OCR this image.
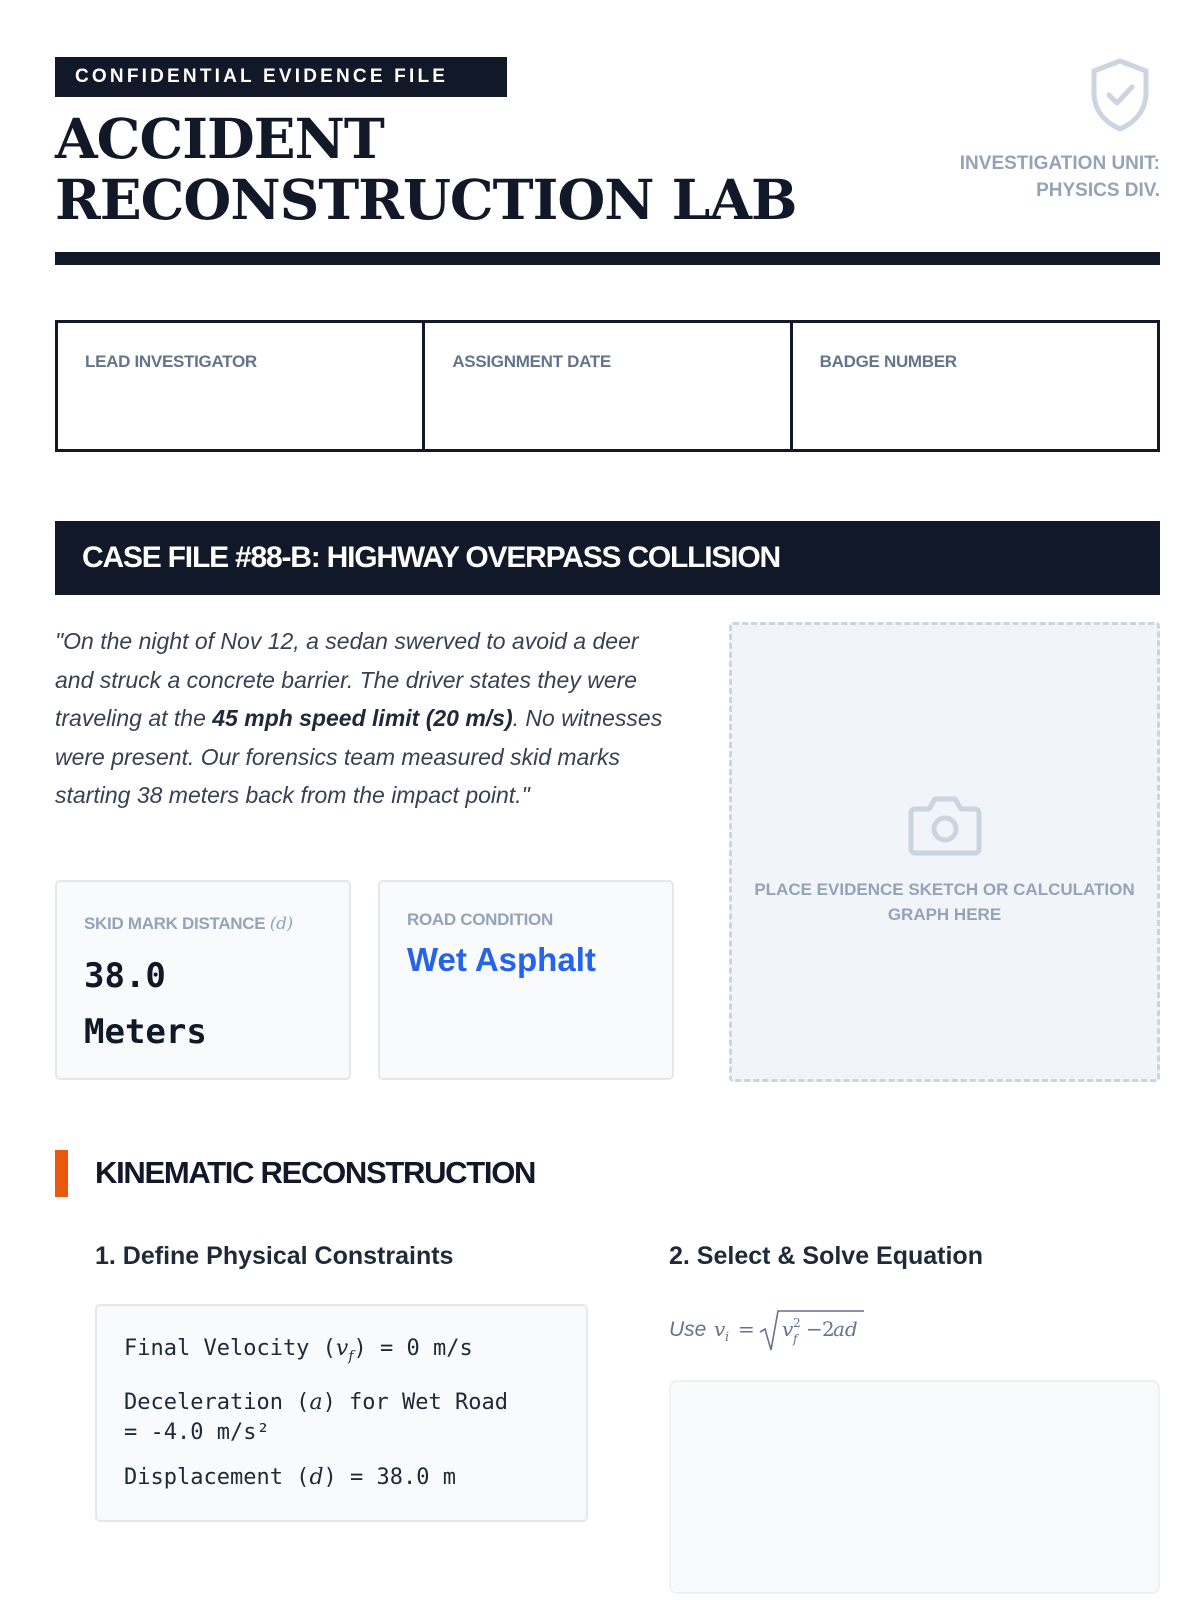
CONFIDENTIAL EVIDENCE FILE
ACCIDENT
RECONSTRUCTION LAB
INVESTIGATION UNIT:
PHYSICS DIV.
LEAD INVESTIGATOR	ASSIGNMENT DATE	BADGE NUMBER
CASE FILE #88-B: HIGHWAY OVERPASS COLLISION

"On the night of Nov 12, a sedan swerved to avoid a deer and struck a concrete barrier. The driver states they were traveling at the 45 mph speed limit (20 m/s). No witnesses were present. Our forensics team measured skid marks starting 38 meters back from the impact point."

SKID MARK DISTANCE (d)
38.0 Meters
ROAD CONDITION
Wet Asphalt
PLACE EVIDENCE SKETCH OR CALCULATION GRAPH HERE
KINEMATIC RECONSTRUCTION
1. Define Physical Constraints	2. Select & Solve Equation
Final Velocity $(v_f) = 0$ m/s
Deceleration (a) for Wet Road
= -4.0 m/s²
Displacement (d) = 38.0 m
Use v i = v 2
f − 2
ad
